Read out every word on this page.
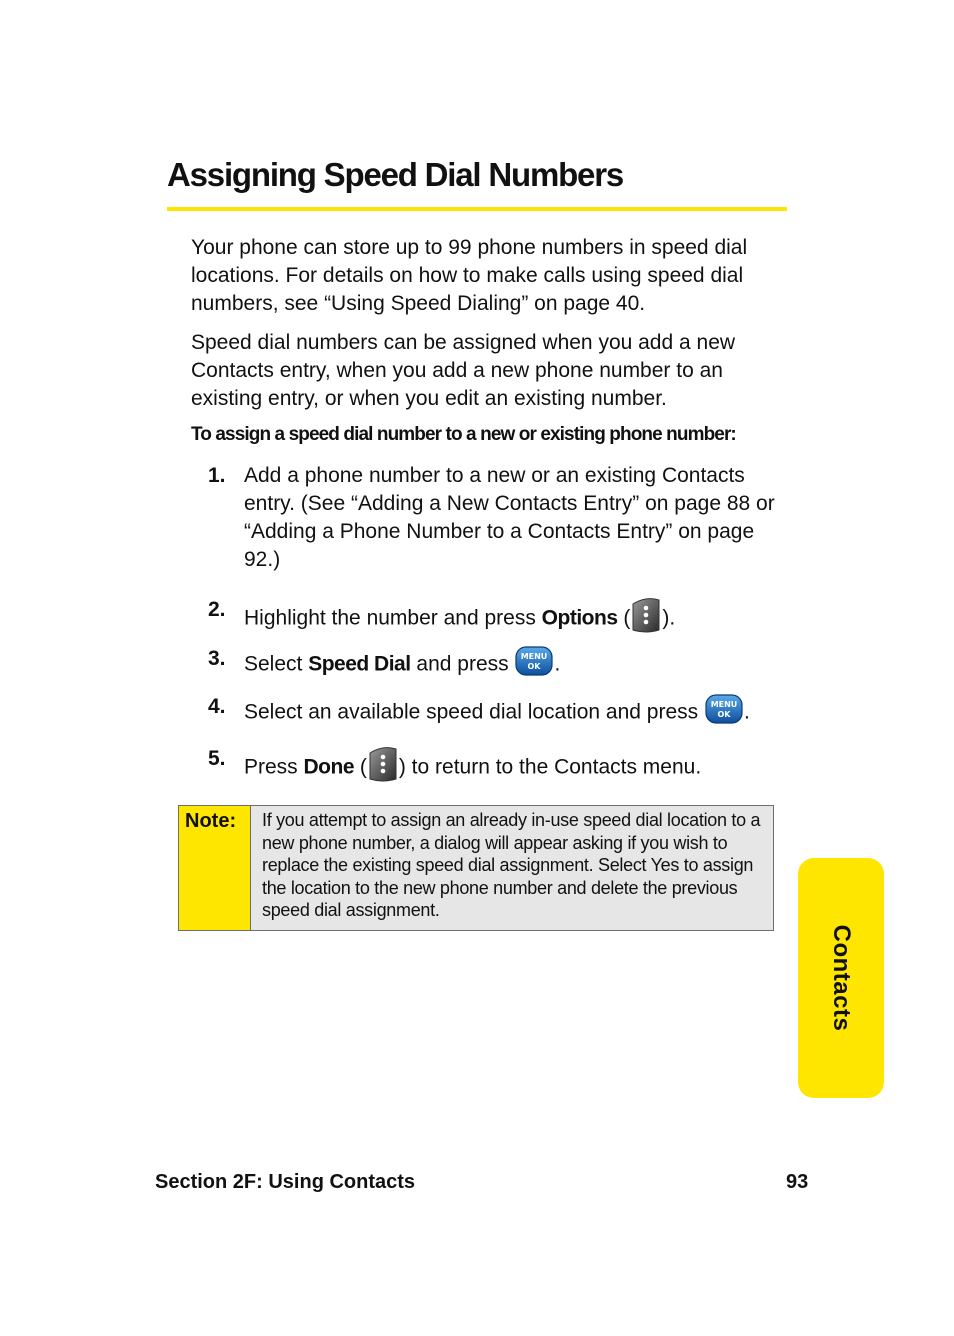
Assigning Speed Dial Numbers

Your phone can store up to 99 phone numbers in speed dial locations. For details on how to make calls using speed dial numbers, see “Using Speed Dialing” on page 40.

Speed dial numbers can be assigned when you add a new Contacts entry, when you add a new phone number to an existing entry, or when you edit an existing number.

To assign a speed dial number to a new or existing phone number:

1. Add a phone number to a new or an existing Contacts entry. (See “Adding a New Contacts Entry” on page 88 or “Adding a Phone Number to a Contacts Entry” on page 92.)
2. Highlight the number and press Options ( ).
3. Select Speed Dial and press MENU
OK .
4. Select an available speed dial location and press MENU
OK .
5. Press Done ( ) to return to the Contacts menu.
Note:	If you attempt to assign an already in-use speed dial location to a new phone number, a dialog will appear asking if you wish to replace the existing speed dial assignment. Select Yes to assign the location to the new phone number and delete the previous speed dial assignment.
Contacts
Section 2F: Using Contacts	93
